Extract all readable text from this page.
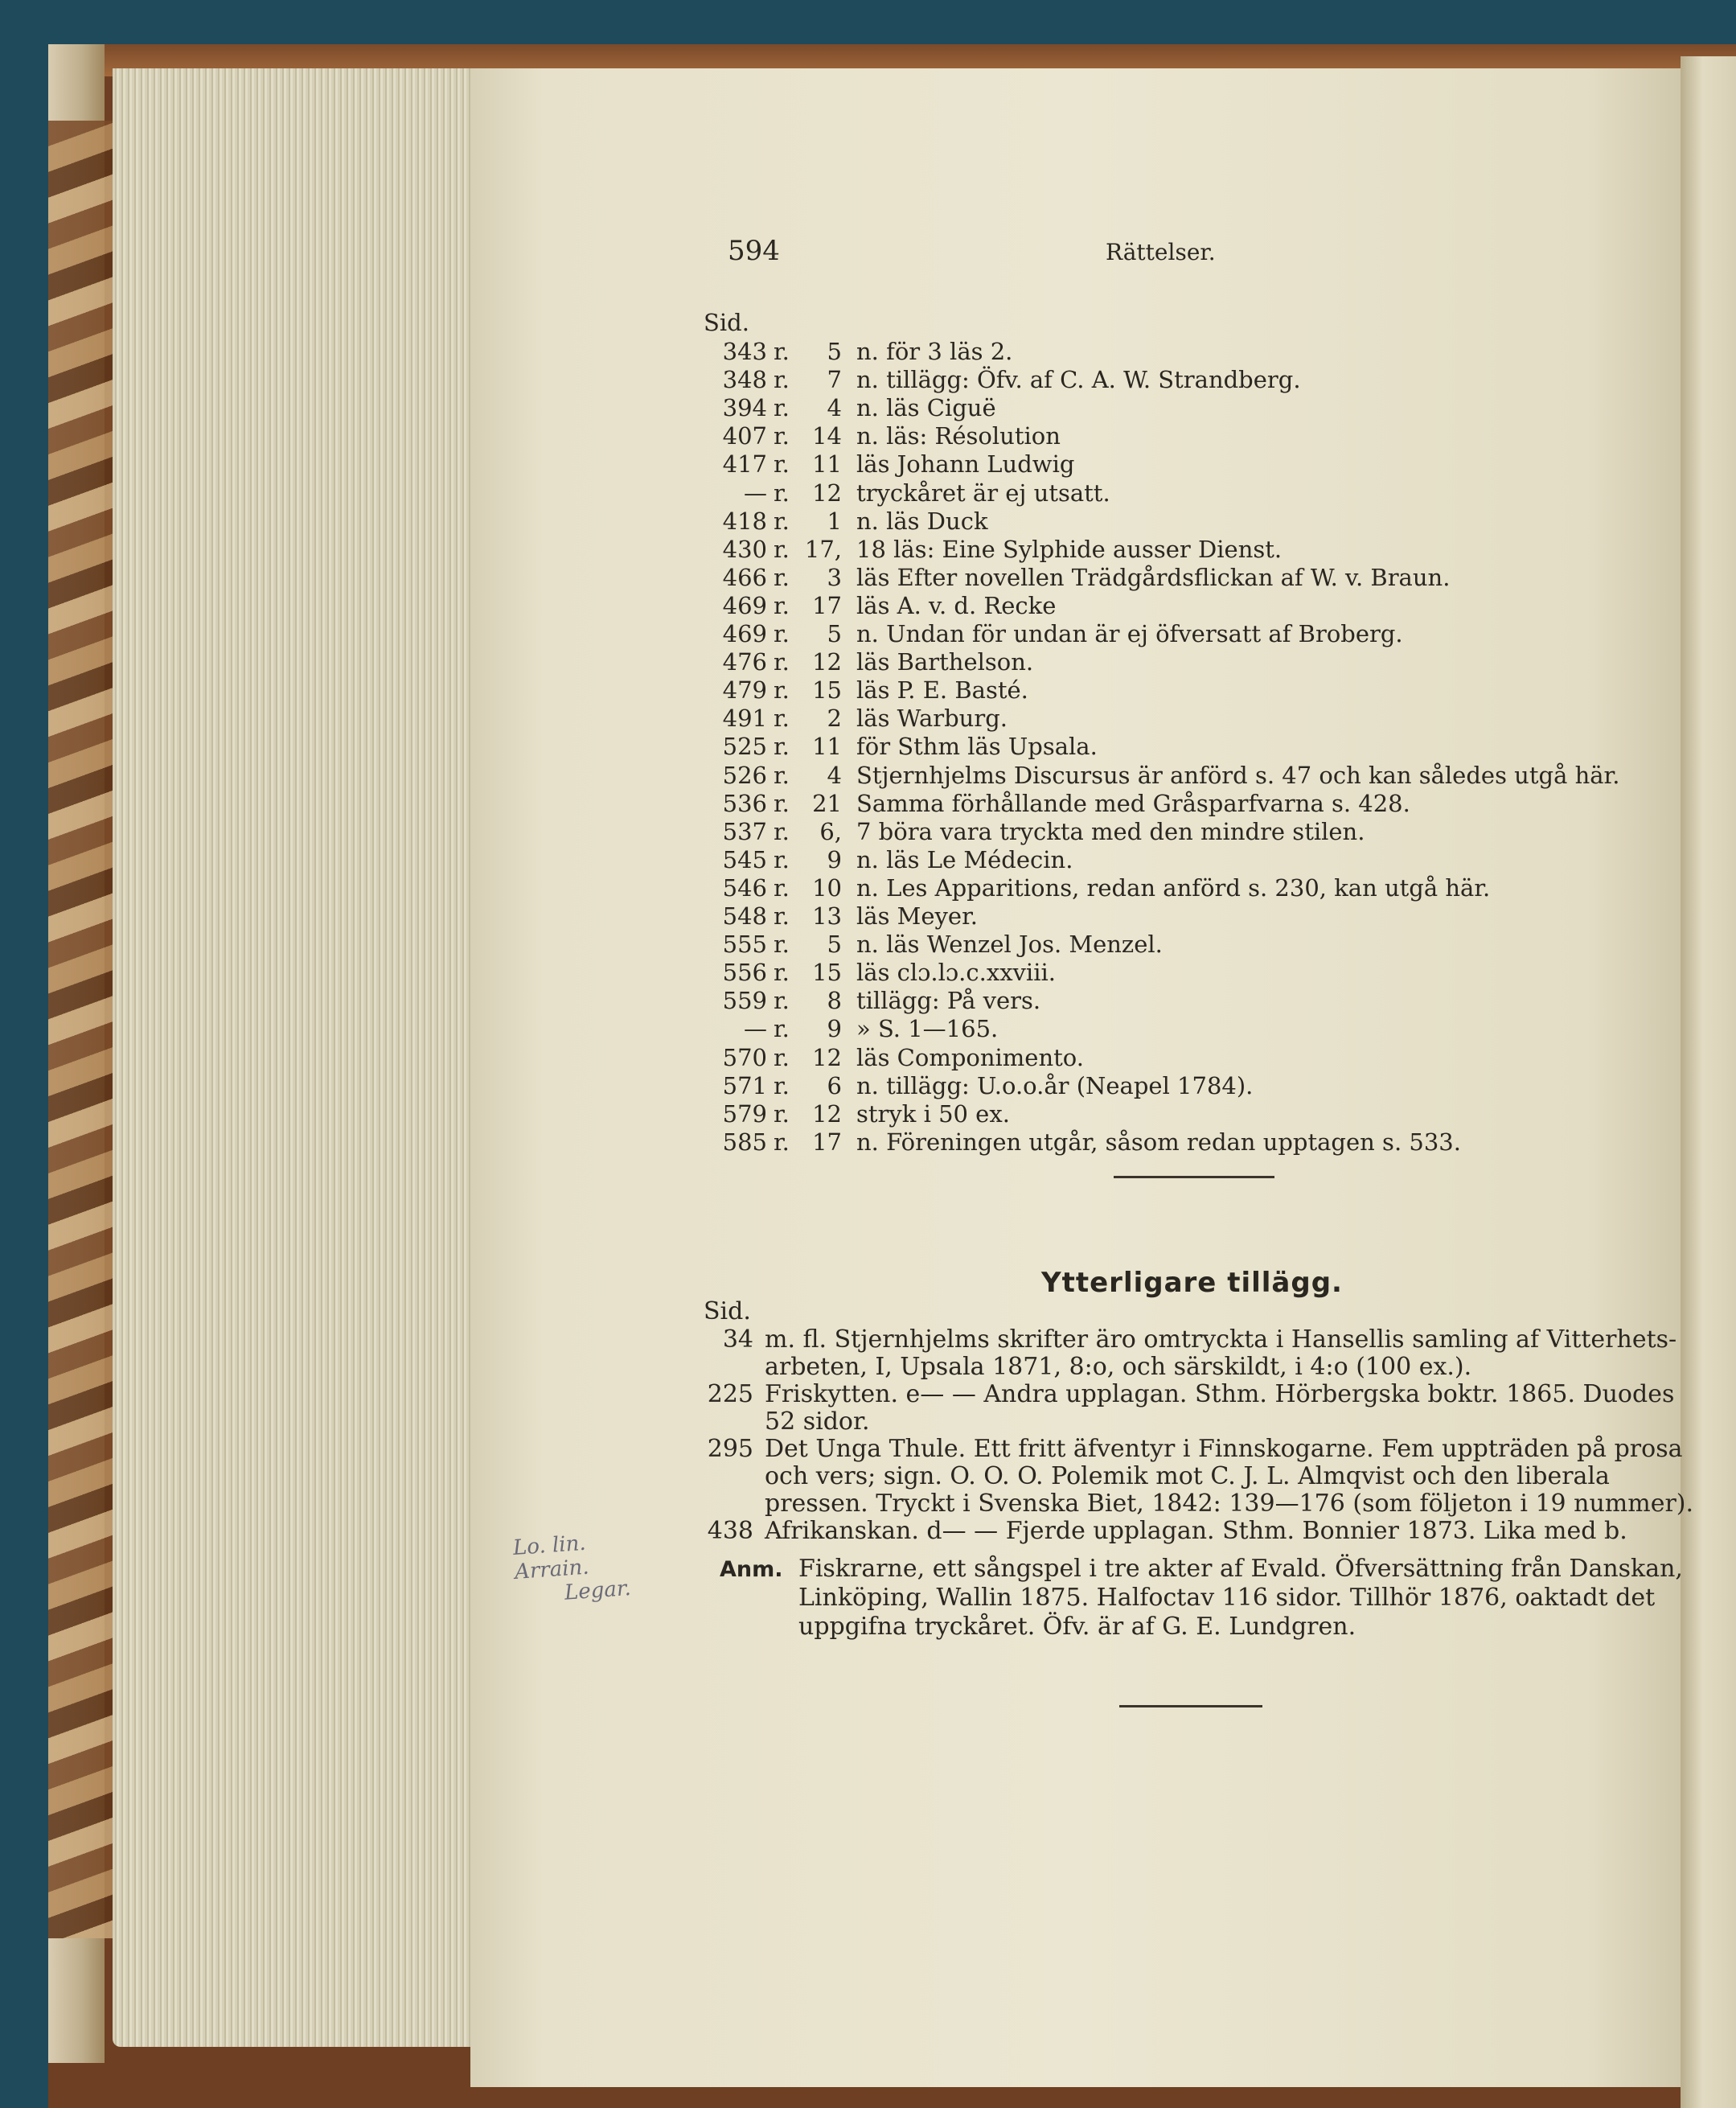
594	Rättelser.
Sid.
343 r.	5 n. för 3 läs 2.
348 r.	7 n. tillägg: Öfv. af C. A. W. Strandberg.
394 r.	4 n. läs Ciguë
407 r. 14 n. läs: Résolution
417 r. 11 läs Johann Ludwig
— r. 12 tryckåret är ej utsatt.
418 r.	1 n. läs Duck
430 r. 17, 18 läs: Eine Sylphide ausser Dienst.
466 r.	3 läs Efter novellen Trädgårdsflickan af W. v. Braun.
469 r. 17 läs A. v. d. Recke
469 r.	5 n. Undan för undan är ej öfversatt af Broberg.
476 r. 12 läs Barthelson.
479 r. 15 läs P. E. Basté.
491 r.	2 läs Warburg.
525 r. 11 för Sthm läs Upsala.
526 r.	4 Stjernhjelms Discursus är anförd s. 47 och kan således utgå här.
536 r. 21 Samma förhållande med Gråsparfvarna s. 428.
537 r.	6, 7 böra vara tryckta med den mindre stilen.
545 r.	9 n. läs Le Médecin.
546 r. 10 n. Les Apparitions, redan anförd s. 230, kan utgå här.
548 r. 13 läs Meyer.
555 r.	5 n. läs Wenzel Jos. Menzel.
556 r. 15 läs clɔ.lɔ.c.xxviii.
559 r.	8 tillägg: På vers.
— r.	9 » S. 1—165.
570 r. 12 läs Componimento.
571 r.	6 n. tillägg: U.o.o.år (Neapel 1784).
579 r. 12 stryk i 50 ex.
585 r. 17 n. Föreningen utgår, såsom redan upptagen s. 533.
Ytterligare tillägg.
Sid.
34 m. fl. Stjernhjelms skrifter äro omtryckta i Hansellis samling af Vitterhets-
arbeten, I, Upsala 1871, 8:o, och särskildt, i 4:o (100 ex.).
225 Friskytten. e— — Andra upplagan. Sthm. Hörbergska boktr. 1865. Duodes
52 sidor.
295 Det Unga Thule. Ett fritt äfventyr i Finnskogarne. Fem uppträden på prosa
och vers; sign. O. O. O. Polemik mot C. J. L. Almqvist och den liberala
pressen. Tryckt i Svenska Biet, 1842: 139—176 (som följeton i 19 nummer).
438 Afrikanskan. d— — Fjerde upplagan. Sthm. Bonnier 1873. Lika med b.
Anm. Fiskrarne, ett sångspel i tre akter af Evald. Öfversättning från Danskan,
Linköping, Wallin 1875. Halfoctav 116 sidor. Tillhör 1876, oaktadt det
uppgifna tryckåret. Öfv. är af G. E. Lundgren.
Lo. lin.
Arrain.
Legar.
